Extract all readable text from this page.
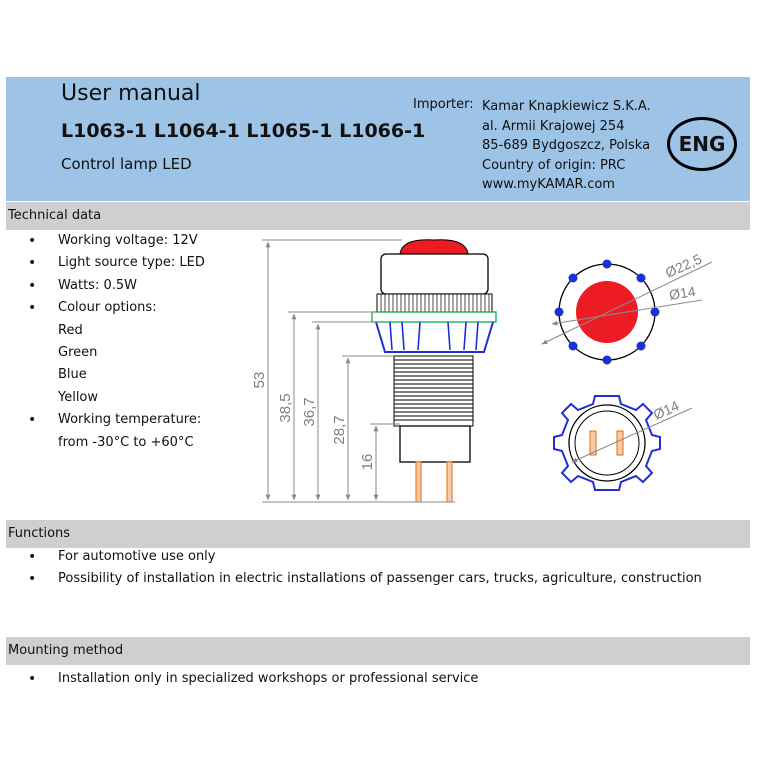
User manual
L1063-1 L1064-1 L1065-1 L1066-1
Control lamp LED
Importer: Kamar Knapkiewicz S.K.A.
al. Armii Krajowej 254
85-689 Bydgoszcz, Polska
Country of origin: PRC
www.myKAMAR.com
ENG
Technical data
• Working voltage: 12V
• Light source type: LED
• Watts: 0.5W
• Colour options:
Red
Green
Blue
Yellow
• Working temperature:
from -30°C to +60°C
53
38,5 36,7
28,7
16
Ø22,5
Ø14
Ø14
Functions
• For automotive use only
• Possibility of installation in electric installations of passenger cars, trucks, agriculture, construction
Mounting method
• Installation only in specialized workshops or professional service
